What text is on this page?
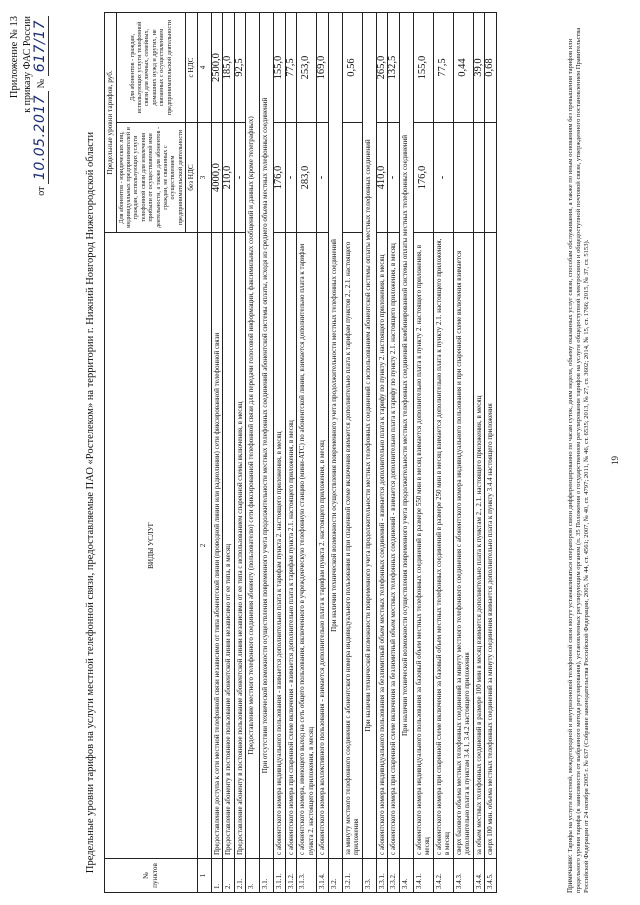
Приложение № 13 к приказу ФАС России
от 10.05.2017 № 617/17
Предельные уровни тарифов на услуги местной телефонной связи, предоставляемые ПАО «Ростелеком» на территории г. Нижний Новгород Нижегородской области
№ пунктов	ВИДЫ УСЛУГ	Предельные уровни тарифов, руб.	
		Для абонентов - юридических лиц, индивидуальных предпринимателей и граждан, использующих услуги телефонной связи для извлечения прибыли от осуществляемой ими деятельности, а также для абонентов - граждан, не связанных с осуществлением предпринимательской деятельности	Для абонентов - граждан, использующих услуги телефонной связи для личных, семейных, домашних нужд и других, не связанных с осуществлением предпринимательской деятельности
		без НДС	с НДС
1	2	3	4
1.	Предоставление доступа к сети местной телефонной связи независимо от типа абонентской линии (проводной линии или радиолинии) сети фиксированной телефонной связи	4000,0	2500,0
2.	Предоставление абоненту в постоянное пользование абонентской линии независимо от ее типа, в месяц	210,0	185,0
2.1.	Предоставление абоненту в постоянное пользование абонентской линии независимо от ее типа с использованием спаренной схемы включения, в месяц	-	92,5
3.	Предоставление местного телефонного соединения абоненту (пользователю) сети фиксированной телефонной связи для передачи голосовой информации, факсимильных сообщений и данных (кроме телеграфных)		
3.1.	При отсутствии технической возможности осуществления повременного учета продолжительности местных телефонных соединений абонентской системы оплаты, исходя из среднего объема местных телефонных соединений		
3.1.1.	с абонентского номера индивидуального пользования - взимается дополнительно плата к тарифам пункта 2. настоящего приложения, в месяц	176,0	155,0
3.1.2.	с абонентского номера при спаренной схеме включения - взимается дополнительно плата к тарифам пункта 2.1. настоящего приложения, в месяц	-	77,5
3.1.3.	с абонентского номера, имеющего выход на сеть общего пользования, включенного в учрежденческую телефонную станцию (мини-АТС) по абонентской линии, взимается дополнительно плата к тарифам пункта 2. настоящего приложения, в месяц	283,0	253,0
3.1.4.	с абонентского номера коллективного пользования - взимается дополнительно плата к тарифам пункта 2. настоящего приложения, в месяц	-	169,0
3.2.	При наличии технической возможности осуществления повременного учета продолжительности местных телефонных соединений		
3.2.1.	за минуту местного телефонного соединения с абонентского номера индивидуального пользования и при спаренной схеме включения взимается дополнительно плата к тарифам пунктов 2., 2.1. настоящего приложения		0,56
3.3.	При наличии технической возможности повременного учета продолжительности местных телефонных соединений с использованием абонентской системы оплаты местных телефонных соединений		
3.3.1.	с абонентского номера индивидуального пользования за безлимитный объем местных телефонных соединений - взимается дополнительно плата к тарифу по пункту 2. настоящего приложения, в месяц	410,0	265,0
3.3.2.	с абонентского номера при спаренной схеме включения за безлимитный объем местных телефонных соединений - взимается дополнительно плата к тарифу по пункту 2.1. настоящего приложения, в месяц	-	132,5
3.4.	При наличии технической возможности осуществления повременного учета продолжительности местных телефонных соединений комбинированной системы оплаты местных телефонных соединений		
3.4.1.	с абонентского номера индивидуального пользования за базовый объем местных телефонных соединений в размере 550 мин в месяц взимается дополнительно плата к пункту 2. настоящего приложения, в месяц	176,0	155,0
3.4.2.	с абонентского номера при спаренной схеме включения за базовый объем местных телефонных соединений в размере 250 мин в месяц взимается дополнительно плата к пункту 2.1. настоящего приложения, в месяц	-	77,5
3.4.3.	сверх базового объема местных телефонных соединений за минуту местного телефонного соединения с абонентского номера индивидуального пользования и при спаренной схеме включения взимается дополнительно плата к пунктам 3.4.1, 3.4.2 настоящего приложения		0,44
3.4.4.	за объем местных телефонных соединений в размере 100 мин в месяц взимается дополнительно плата к пунктам 2., 2.1. настоящего приложения, в месяц		39,0
3.4.5.	сверх 100 мин. объема местных телефонных соединений за минуту соединения взимается дополнительно плата к пункту 3.4.4 настоящего приложения		0,68
Примечание: Тарифы на услуги местной, междугородной и внутризоновой телефонной связи могут устанавливаться оператором связи дифференцированно по часам суток, дням недели, объему оказанных услуг связи, способам обслуживания, а также по иным основаниям без превышения тарифов или предельного уровня тарифа (в зависимости от выбранного метода регулирования), установленных регулирующим органом (п. 35 Положения о государственном регулировании тарифов на услуги общедоступной электросвязи и общедоступной почтовой связи, утвержденного постановлением Правительства Российской Федерации от 24 октября 2005 г. № 637 (Собрание законодательства Российской Федерации, 2005, № 44, ст. 4561; 2007, № 40, ст. 4797; 2011, № 46, ст. 6535; 2013, № 27, ст. 3602; 2014, № 15, ст. 1766; 2015, № 37, ст. 5153). 19
